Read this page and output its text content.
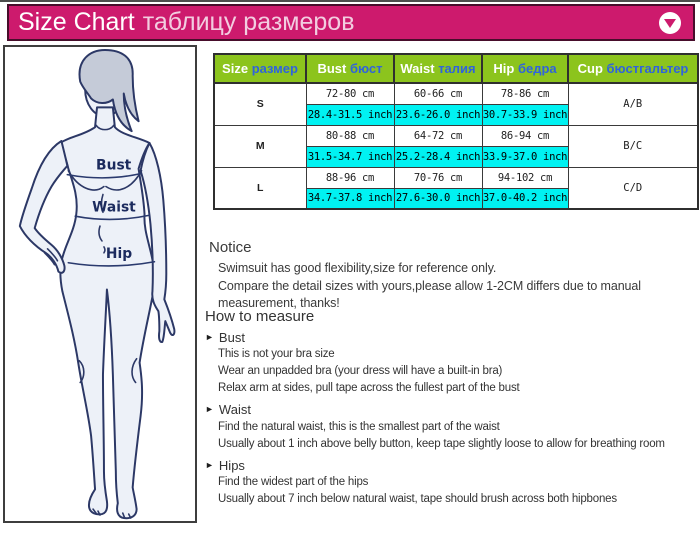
Size Chart таблицу размеров
Bust
Waist
Hip
Size размер	Bust бюст	Waist талия	Hip бедра	Cup бюстгальтер
S	72-80 cm	60-66 cm	78-86 cm	A/B
	28.4-31.5 inch	23.6-26.0 inch	30.7-33.9 inch	
M	80-88 cm	64-72 cm	86-94 cm	B/C
	31.5-34.7 inch	25.2-28.4 inch	33.9-37.0 inch	
L	88-96 cm	70-76 cm	94-102 cm	C/D
	34.7-37.8 inch	27.6-30.0 inch	37.0-40.2 inch	
Notice
Swimsuit has good flexibility,size for reference only.
Compare the detail sizes with yours,please allow 1-2CM differs due to manual
measurement, thanks!
How to measure
► Bust
This is not your bra size
Wear an unpadded bra (your dress will have a built-in bra)
Relax arm at sides, pull tape across the fullest part of the bust
► Waist
Find the natural waist, this is the smallest part of the waist
Usually about 1 inch above belly button, keep tape slightly loose to allow for breathing room
► Hips
Find the widest part of the hips
Usually about 7 inch below natural waist, tape should brush across both hipbones
